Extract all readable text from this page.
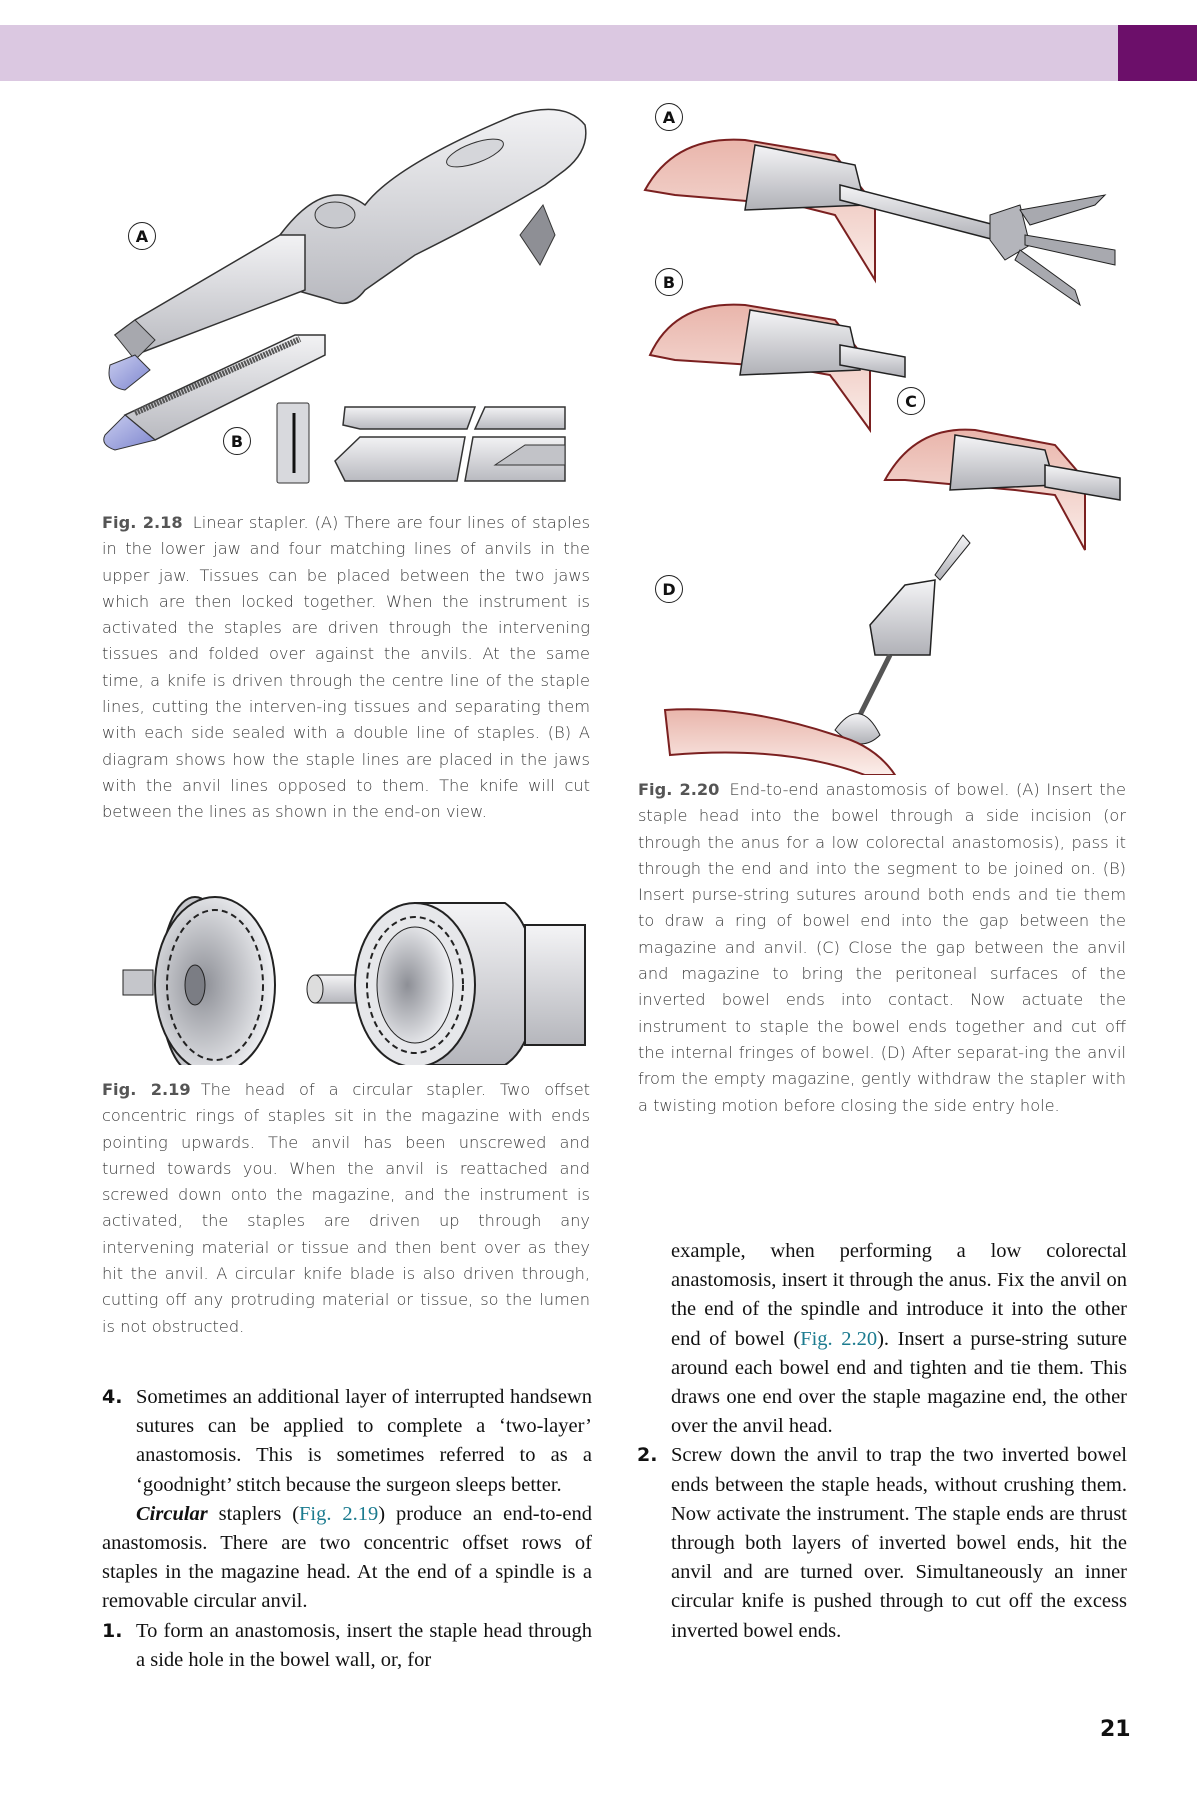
A
B
Fig. 2.18 Linear stapler. (A) There are four lines of staples in the lower jaw and four matching lines of anvils in the upper jaw. Tissues can be placed between the two jaws which are then locked together. When the instrument is activated the staples are driven through the intervening tissues and folded over against the anvils. At the same time, a knife is driven through the centre line of the staple lines, cutting the interven-ing tissues and separating them with each side sealed with a double line of staples. (B) A diagram shows how the staple lines are placed in the jaws with the anvil lines opposed to them. The knife will cut between the lines as shown in the end-on view.
Fig. 2.19 The head of a circular stapler. Two offset concentric rings of staples sit in the magazine with ends pointing upwards. The anvil has been unscrewed and turned towards you. When the anvil is reattached and screwed down onto the magazine, and the instrument is activated, the staples are driven up through any intervening material or tissue and then bent over as they hit the anvil. A circular knife blade is also driven through, cutting off any protruding material or tissue, so the lumen is not obstructed.
A
B
C
D
Fig. 2.20 End-to-end anastomosis of bowel. (A) Insert the staple head into the bowel through a side incision (or through the anus for a low colorectal anastomosis), pass it through the end and into the segment to be joined on. (B) Insert purse-string sutures around both ends and tie them to draw a ring of bowel end into the gap between the magazine and anvil. (C) Close the gap between the anvil and magazine to bring the peritoneal surfaces of the inverted bowel ends into contact. Now actuate the instrument to staple the bowel ends together and cut off the internal fringes of bowel. (D) After separat-ing the anvil from the empty magazine, gently withdraw the stapler with a twisting motion before closing the side entry hole.
4. Sometimes an additional layer of interrupted handsewn sutures can be applied to complete a ‘two-layer’ anastomosis. This is sometimes referred to as a ‘goodnight’ stitch because the surgeon sleeps better.
Circular staplers (Fig. 2.19) produce an end-to-end anastomosis. There are two concentric offset rows of staples in the magazine head. At the end of a spindle is a removable circular anvil.
1. To form an anastomosis, insert the staple head through a side hole in the bowel wall, or, for
example, when performing a low colorectal anastomosis, insert it through the anus. Fix the anvil on the end of the spindle and introduce it into the other end of bowel (Fig. 2.20). Insert a purse-string suture around each bowel end and tighten and tie them. This draws one end over the staple magazine end, the other over the anvil head.
2. Screw down the anvil to trap the two inverted bowel ends between the staple heads, without crushing them. Now activate the instrument. The staple ends are thrust through both layers of inverted bowel ends, hit the anvil and are turned over. Simultaneously an inner circular knife is pushed through to cut off the excess inverted bowel ends.
21
